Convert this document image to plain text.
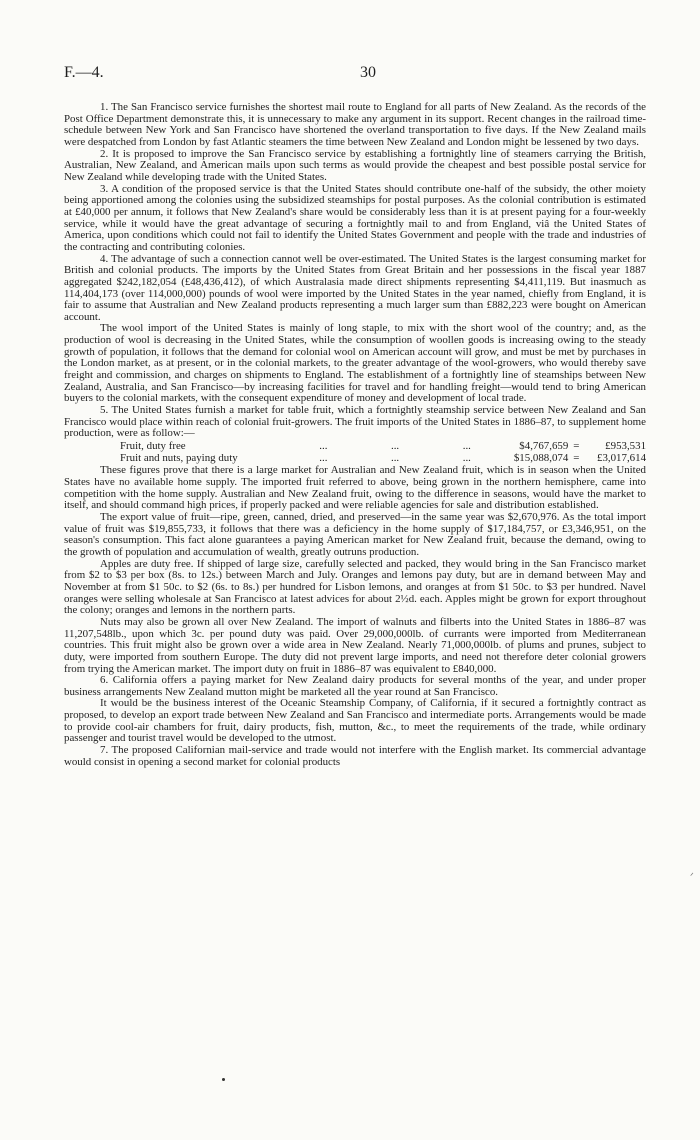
F.—4.	30

1. The San Francisco service furnishes the shortest mail route to England for all parts of New Zealand. As the records of the Post Office Department demonstrate this, it is unnecessary to make any argument in its support. Recent changes in the railroad time-schedule between New York and San Francisco have shortened the overland transportation to five days. If the New Zealand mails were despatched from London by fast Atlantic steamers the time between New Zealand and London might be lessened by two days.

2. It is proposed to improve the San Francisco service by establishing a fortnightly line of steamers carrying the British, Australian, New Zealand, and American mails upon such terms as would provide the cheapest and best possible postal service for New Zealand while developing trade with the United States.

3. A condition of the proposed service is that the United States should contribute one-half of the subsidy, the other moiety being apportioned among the colonies using the subsidized steamships for postal purposes. As the colonial contribution is estimated at £40,000 per annum, it follows that New Zealand's share would be considerably less than it is at present paying for a four-weekly service, while it would have the great advantage of securing a fortnightly mail to and from England, viâ the United States of America, upon conditions which could not fail to identify the United States Government and people with the trade and industries of the contracting and contributing colonies.

4. The advantage of such a connection cannot well be over-estimated. The United States is the largest consuming market for British and colonial products. The imports by the United States from Great Britain and her possessions in the fiscal year 1887 aggregated $242,182,054 (£48,436,412), of which Australasia made direct shipments representing $4,411,119. But inasmuch as 114,404,173 (over 114,000,000) pounds of wool were imported by the United States in the year named, chiefly from England, it is fair to assume that Australian and New Zealand products representing a much larger sum than £882,223 were bought on American account.

The wool import of the United States is mainly of long staple, to mix with the short wool of the country; and, as the production of wool is decreasing in the United States, while the consumption of woollen goods is increasing owing to the steady growth of population, it follows that the demand for colonial wool on American account will grow, and must be met by purchases in the London market, as at present, or in the colonial markets, to the greater advantage of the wool-growers, who would thereby save freight and commission, and charges on shipments to England. The establishment of a fortnightly line of steamships between New Zealand, Australia, and San Francisco—by increasing facilities for travel and for handling freight—would tend to bring American buyers to the colonial markets, with the consequent expenditure of money and development of local trade.

5. The United States furnish a market for table fruit, which a fortnightly steamship service between New Zealand and San Francisco would place within reach of colonial fruit-growers. The fruit imports of the United States in 1886–87, to supplement home production, were as follow:—

Fruit, duty free	...	...	...	$4,767,659 =	£953,531
Fruit and nuts, paying duty	...	...	...	$15,088,074 =	£3,017,614

These figures prove that there is a large market for Australian and New Zealand fruit, which is in season when the United States have no available home supply. The imported fruit referred to above, being grown in the northern hemisphere, came into competition with the home supply. Australian and New Zealand fruit, owing to the difference in seasons, would have the market to itself, and should command high prices, if properly packed and were reliable agencies for sale and distribution established.

The export value of fruit—ripe, green, canned, dried, and preserved—in the same year was $2,670,976. As the total import value of fruit was $19,855,733, it follows that there was a deficiency in the home supply of $17,184,757, or £3,346,951, on the season's consumption. This fact alone guarantees a paying American market for New Zealand fruit, because the demand, owing to the growth of population and accumulation of wealth, greatly outruns production.

Apples are duty free. If shipped of large size, carefully selected and packed, they would bring in the San Francisco market from $2 to $3 per box (8s. to 12s.) between March and July. Oranges and lemons pay duty, but are in demand between May and November at from $1 50c. to $2 (6s. to 8s.) per hundred for Lisbon lemons, and oranges at from $1 50c. to $3 per hundred. Navel oranges were selling wholesale at San Francisco at latest advices for about 2½d. each. Apples might be grown for export throughout the colony; oranges and lemons in the northern parts.

Nuts may also be grown all over New Zealand. The import of walnuts and filberts into the United States in 1886–87 was 11,207,548lb., upon which 3c. per pound duty was paid. Over 29,000,000lb. of currants were imported from Mediterranean countries. This fruit might also be grown over a wide area in New Zealand. Nearly 71,000,000lb. of plums and prunes, subject to duty, were imported from southern Europe. The duty did not prevent large imports, and need not therefore deter colonial growers from trying the American market. The import duty on fruit in 1886–87 was equivalent to £840,000.

6. California offers a paying market for New Zealand dairy products for several months of the year, and under proper business arrangements New Zealand mutton might be marketed all the year round at San Francisco.

It would be the business interest of the Oceanic Steamship Company, of California, if it secured a fortnightly contract as proposed, to develop an export trade between New Zealand and San Francisco and intermediate ports. Arrangements would be made to provide cool-air chambers for fruit, dairy products, fish, mutton, &c., to meet the requirements of the trade, while ordinary passenger and tourist travel would be developed to the utmost.

7. The proposed Californian mail-service and trade would not interfere with the English market. Its commercial advantage would consist in opening a second market for colonial products

ᐟ
